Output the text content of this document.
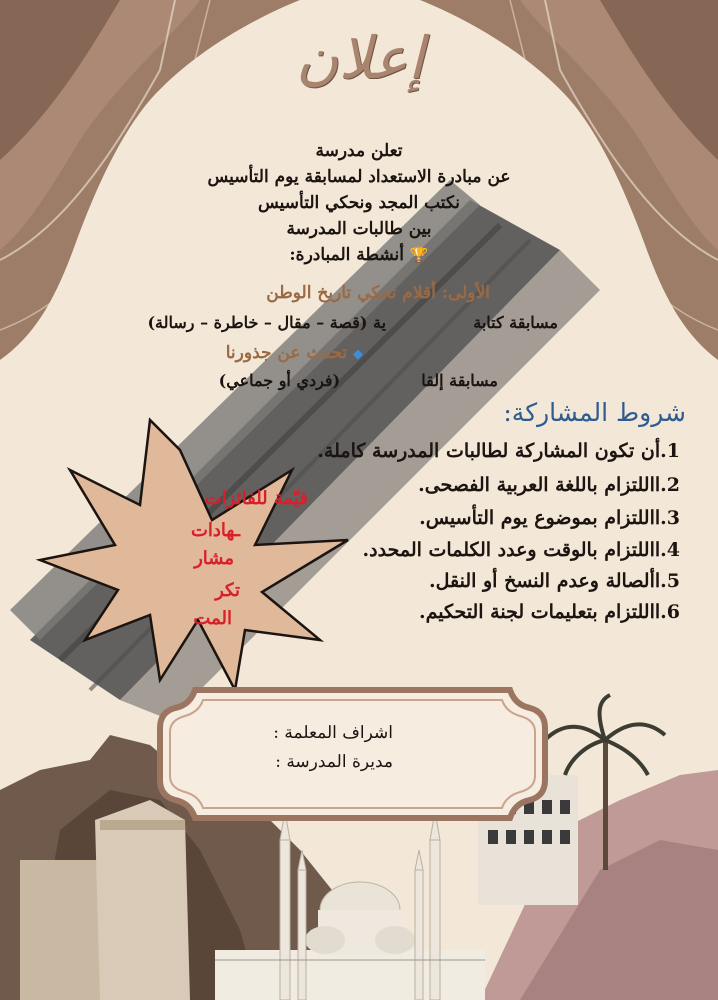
إعلان
تعلن مدرسة
عن مبادرة الاستعداد لمسابقة يوم التأسيس
نكتب المجد ونحكي التأسيس
بين طالبات المدرسة
🏆 أنشطة المبادرة:
الأولى: أقلام تحكي تاريخ الوطن
مسابقة كتابة  ية (قصة – مقال – خاطرة – رسالة)
◆ تحدث عن جذورنا
مسابقة إلقا  (فردي أو جماعي)
شروط المشاركة:
1.أن تكون المشاركة لطالبات المدرسة كاملة.
2.االلتزام باللغة العربية الفصحى.
3.االلتزام بموضوع يوم التأسيس.
4.االلتزام بالوقت وعدد الكلمات المحدد.
5.األصالة وعدم النسخ أو النقل.
6.االلتزام بتعليمات لجنة التحكيم.
قيّمة للفائزات
ـهادات
مشار
تكر
المت
اشراف المعلمة :
مديرة المدرسة :
